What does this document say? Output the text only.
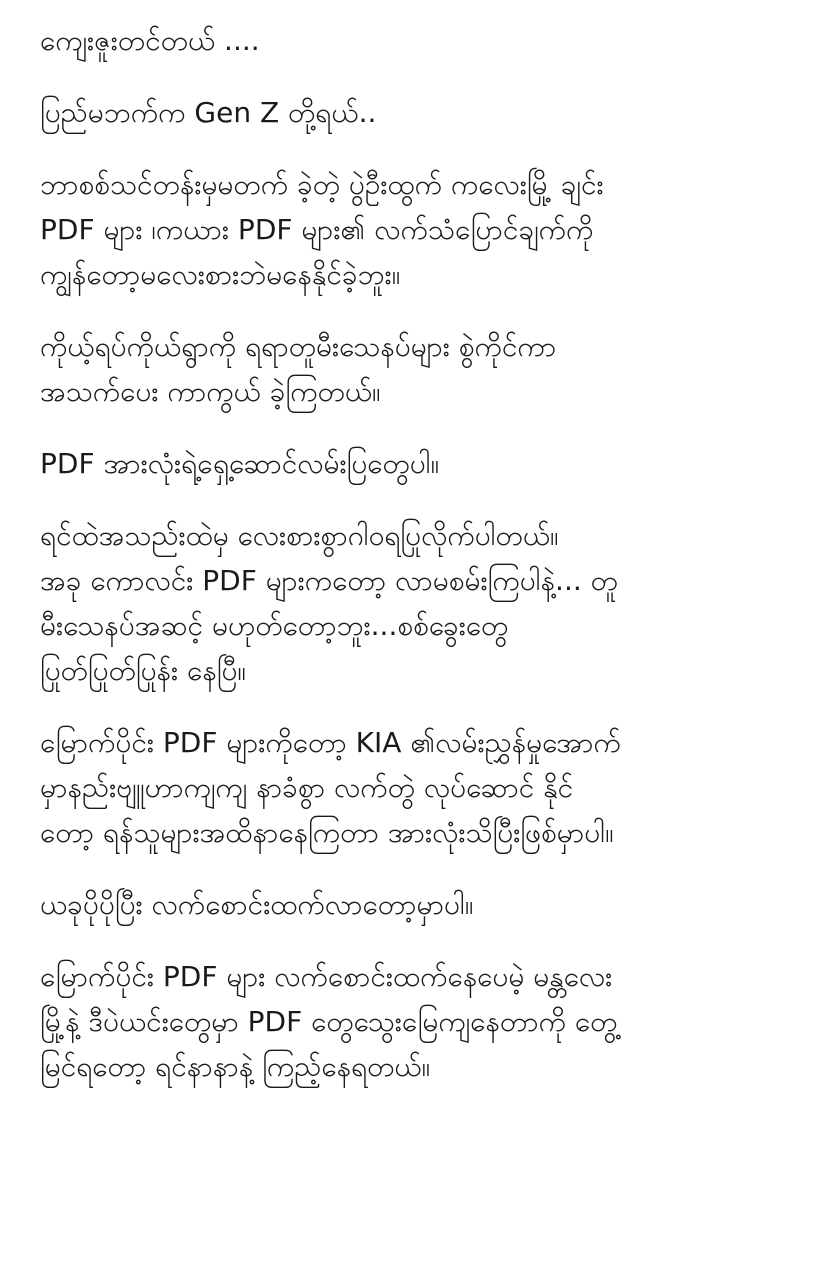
ကျေးဇူးတင်တယ် ....
ပြည်မဘက်က Gen Z တို့ရယ်..
ဘာစစ်သင်တန်းမှမတက် ခဲ့တဲ့ ပွဲဦးထွက် ကလေးမြို့ ချင်း
PDF များ ၊ကယား PDF များ၏ လက်သံပြောင်ချက်ကို
ကျွန်တော့မလေးစားဘဲမနေနိုင်ခဲ့ဘူး။
ကိုယ့်ရပ်ကိုယ်ရွာကို ရရာတူမီးသေနပ်များ စွဲကိုင်ကာ
အသက်ပေး ကာကွယ် ခဲ့ကြတယ်။
PDF အားလုံးရဲ့ရှေ့ဆောင်လမ်းပြတွေပါ။
ရင်ထဲအသည်းထဲမှ လေးစားစွာဂါဝရပြုလိုက်ပါတယ်။
အခု ကောလင်း PDF များကတော့ လာမစမ်းကြပါနဲ့... တူ
မီးသေနပ်အဆင့် မဟုတ်တော့ဘူး...စစ်ခွေးတွေ
ပြုတ်ပြုတ်ပြုန်း နေပြီ။
မြောက်ပိုင်း PDF များကိုတော့ KIA ၏လမ်းညွှန်မှုအောက်
မှာနည်းဗျူဟာကျကျ နာခံစွာ လက်တွဲ လုပ်ဆောင် နိုင်
တော့ ရန်သူများအထိနာနေကြတာ အားလုံးသိပြီးဖြစ်မှာပါ။
ယခုပိုပိုပြီး လက်စောင်းထက်လာတော့မှာပါ။
မြောက်ပိုင်း PDF များ လက်စောင်းထက်နေပေမဲ့ မန္တလေး
မြို့နဲ့ ဒီပဲယင်းတွေမှာ PDF တွေသွေးမြေကျနေတာကို တွေ့
မြင်ရတော့ ရင်နာနာနဲ့ ကြည့်နေရတယ်။
